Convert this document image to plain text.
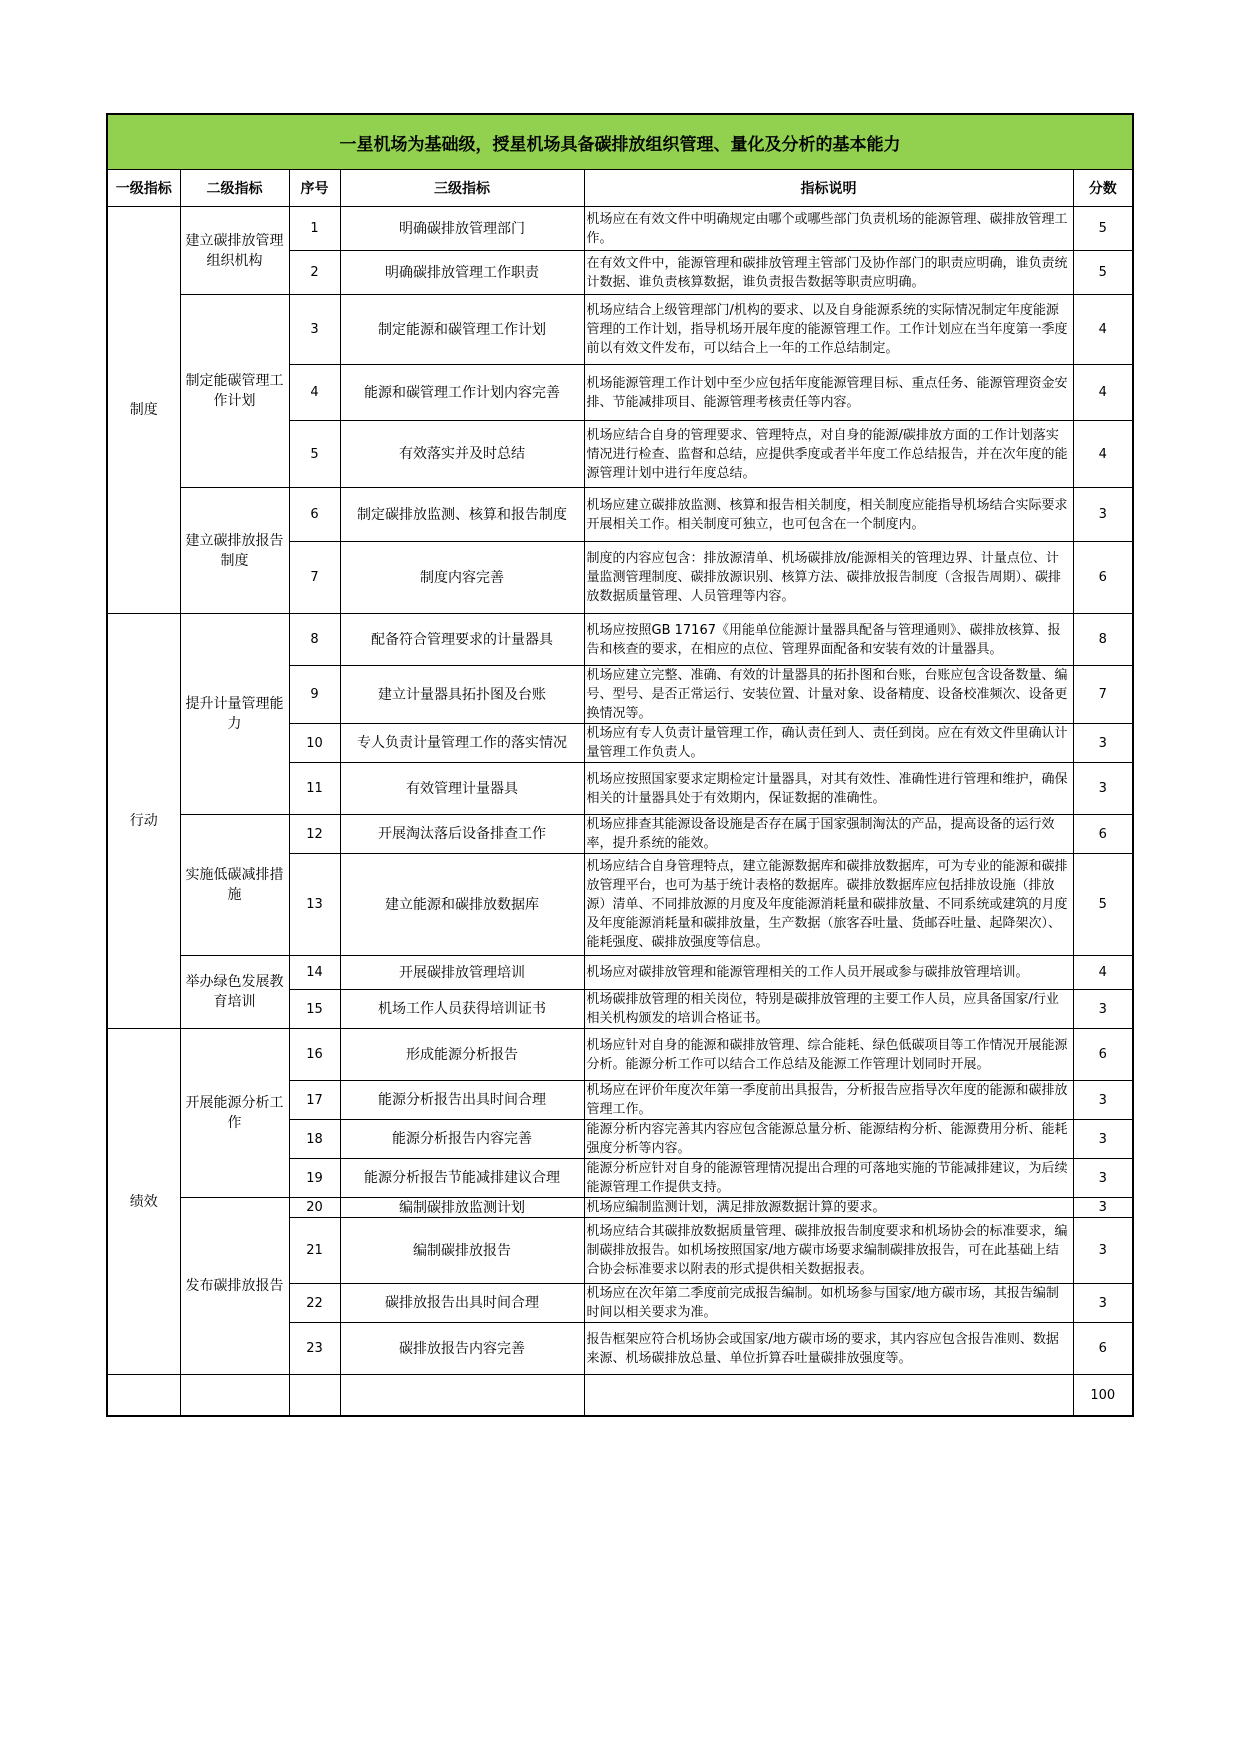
一星机场为基础级，授星机场具备碳排放组织管理、量化及分析的基本能力					
一级指标	二级指标	序号	三级指标	指标说明	分数
制度	建立碳排放管理组织机构	1	明确碳排放管理部门	机场应在有效文件中明确规定由哪个或哪些部门负责机场的能源管理、碳排放管理工作。	5
		2	明确碳排放管理工作职责	在有效文件中，能源管理和碳排放管理主管部门及协作部门的职责应明确，谁负责统计数据、谁负责核算数据，谁负责报告数据等职责应明确。	5
	制定能碳管理工作计划	3	制定能源和碳管理工作计划	机场应结合上级管理部门/机构的要求、以及自身能源系统的实际情况制定年度能源管理的工作计划，指导机场开展年度的能源管理工作。工作计划应在当年度第一季度前以有效文件发布，可以结合上一年的工作总结制定。	4
		4	能源和碳管理工作计划内容完善	机场能源管理工作计划中至少应包括年度能源管理目标、重点任务、能源管理资金安排、节能减排项目、能源管理考核责任等内容。	4
		5	有效落实并及时总结	机场应结合自身的管理要求、管理特点，对自身的能源/碳排放方面的工作计划落实情况进行检查、监督和总结，应提供季度或者半年度工作总结报告，并在次年度的能源管理计划中进行年度总结。	4
	建立碳排放报告制度	6	制定碳排放监测、核算和报告制度	机场应建立碳排放监测、核算和报告相关制度，相关制度应能指导机场结合实际要求开展相关工作。相关制度可独立，也可包含在一个制度内。	3
		7	制度内容完善	制度的内容应包含：排放源清单、机场碳排放/能源相关的管理边界、计量点位、计量监测管理制度、碳排放源识别、核算方法、碳排放报告制度（含报告周期）、碳排放数据质量管理、人员管理等内容。	6
行动	提升计量管理能力	8	配备符合管理要求的计量器具	机场应按照GB 17167《用能单位能源计量器具配备与管理通则》、碳排放核算、报告和核查的要求，在相应的点位、管理界面配备和安装有效的计量器具。	8
		9	建立计量器具拓扑图及台账	机场应建立完整、准确、有效的计量器具的拓扑图和台账，台账应包含设备数量、编号、型号、是否正常运行、安装位置、计量对象、设备精度、设备校准频次、设备更换情况等。	7
		10	专人负责计量管理工作的落实情况	机场应有专人负责计量管理工作，确认责任到人、责任到岗。应在有效文件里确认计量管理工作负责人。	3
		11	有效管理计量器具	机场应按照国家要求定期检定计量器具，对其有效性、准确性进行管理和维护，确保相关的计量器具处于有效期内，保证数据的准确性。	3
	实施低碳减排措施	12	开展淘汰落后设备排查工作	机场应排查其能源设备设施是否存在属于国家强制淘汰的产品，提高设备的运行效率，提升系统的能效。	6
		13	建立能源和碳排放数据库	机场应结合自身管理特点，建立能源数据库和碳排放数据库，可为专业的能源和碳排放管理平台，也可为基于统计表格的数据库。碳排放数据库应包括排放设施（排放源）清单、不同排放源的月度及年度能源消耗量和碳排放量、不同系统或建筑的月度及年度能源消耗量和碳排放量，生产数据（旅客吞吐量、货邮吞吐量、起降架次）、能耗强度、碳排放强度等信息。	5
	举办绿色发展教育培训	14	开展碳排放管理培训	机场应对碳排放管理和能源管理相关的工作人员开展或参与碳排放管理培训。	4
		15	机场工作人员获得培训证书	机场碳排放管理的相关岗位，特别是碳排放管理的主要工作人员，应具备国家/行业相关机构颁发的培训合格证书。	3
绩效	开展能源分析工作	16	形成能源分析报告	机场应针对自身的能源和碳排放管理、综合能耗、绿色低碳项目等工作情况开展能源分析。能源分析工作可以结合工作总结及能源工作管理计划同时开展。	6
		17	能源分析报告出具时间合理	机场应在评价年度次年第一季度前出具报告，分析报告应指导次年度的能源和碳排放管理工作。	3
		18	能源分析报告内容完善	能源分析内容完善其内容应包含能源总量分析、能源结构分析、能源费用分析、能耗强度分析等内容。	3
		19	能源分析报告节能减排建议合理	能源分析应针对自身的能源管理情况提出合理的可落地实施的节能减排建议，为后续能源管理工作提供支持。	3
	发布碳排放报告	20	编制碳排放监测计划	机场应编制监测计划，满足排放源数据计算的要求。	3
		21	编制碳排放报告	机场应结合其碳排放数据质量管理、碳排放报告制度要求和机场协会的标准要求，编制碳排放报告。如机场按照国家/地方碳市场要求编制碳排放报告，可在此基础上结合协会标准要求以附表的形式提供相关数据报表。	3
		22	碳排放报告出具时间合理	机场应在次年第二季度前完成报告编制。如机场参与国家/地方碳市场，其报告编制时间以相关要求为准。	3
		23	碳排放报告内容完善	报告框架应符合机场协会或国家/地方碳市场的要求，其内容应包含报告准则、数据来源、机场碳排放总量、单位折算吞吐量碳排放强度等。	6
					100
